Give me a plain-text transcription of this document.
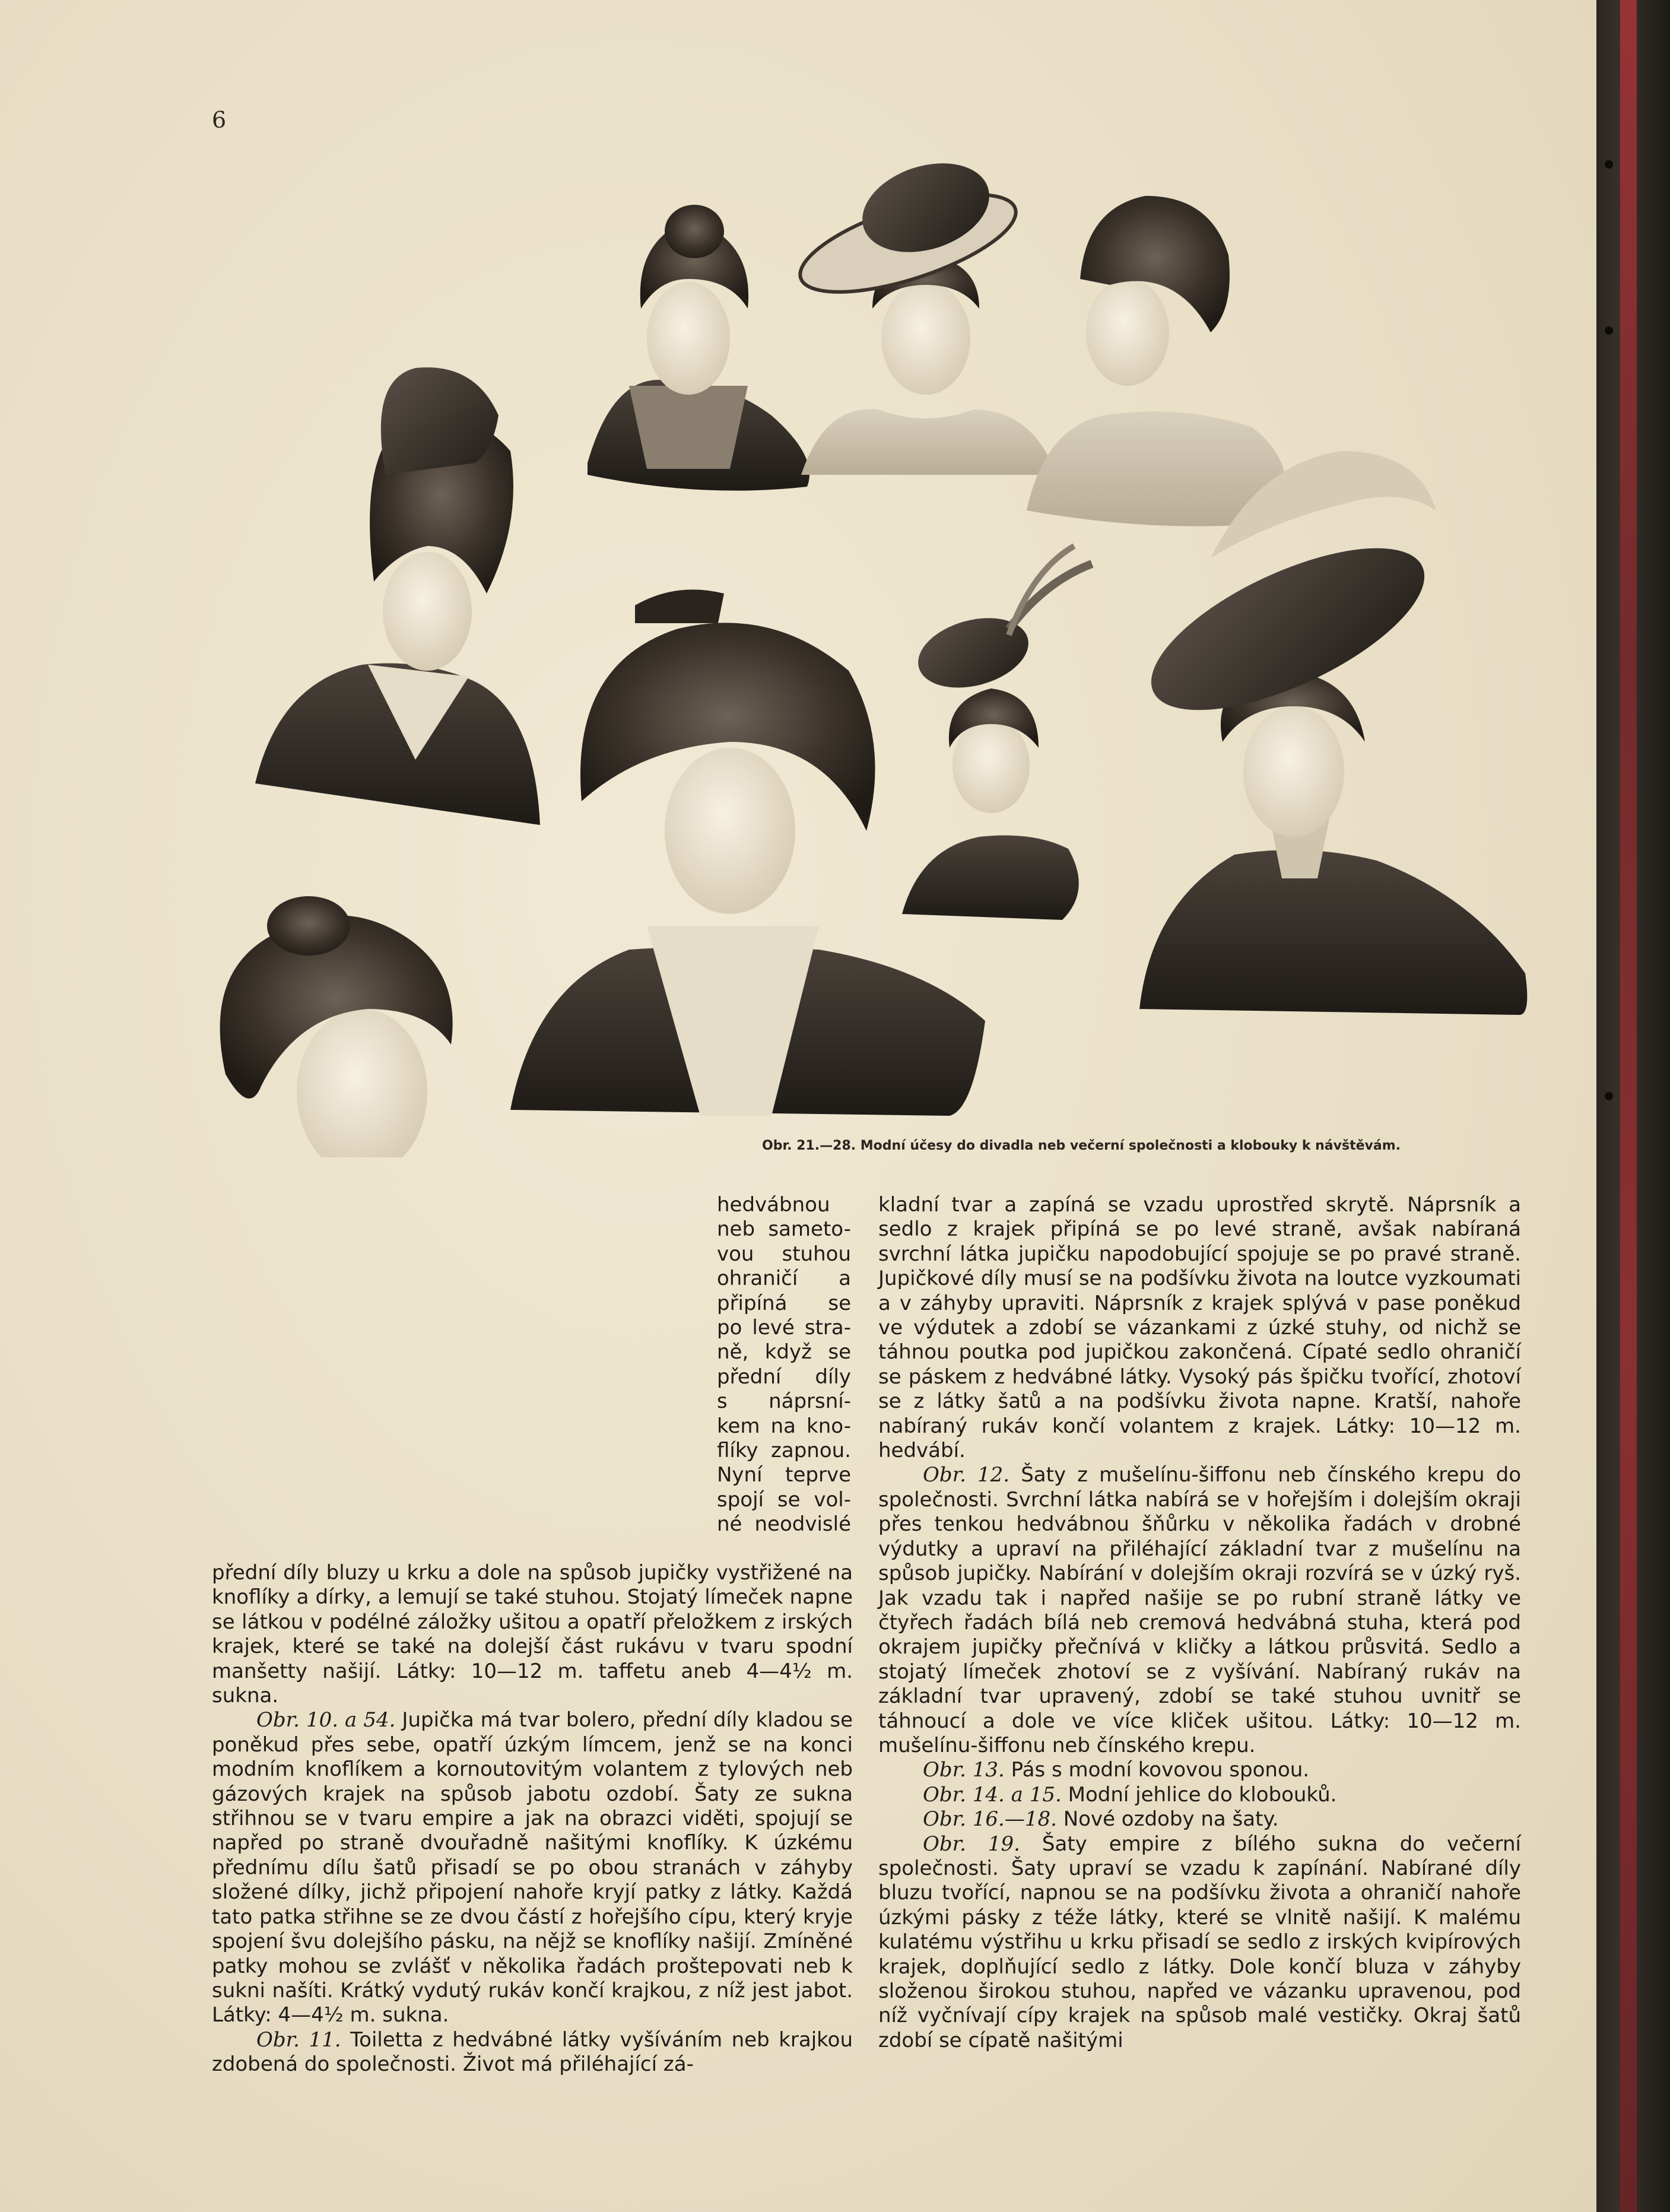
6
Obr. 21.—28. Modní účesy do divadla neb večerní společnosti a klobouky k návštěvám.
hedvábnou
neb sameto-
vou stuhou
ohraničí a
připíná se
po levé stra-
ně, když se
přední díly
s náprsní-
kem na kno-
flíky zapnou.
Nyní teprve
spojí se vol-
né neodvislé

přední díly bluzy u krku a dole na spůsob jupičky vystřižené na knoflíky a dírky, a lemují se také stuhou. Stojatý límeček napne se látkou v podélné záložky ušitou a opatří přeložkem z irských krajek, které se také na dolejší část rukávu v tvaru spodní manšetty našijí. Látky: 10—12 m. taffetu aneb 4—4½ m. sukna.

Obr. 10. a 54. Jupička má tvar bolero, přední díly kladou se poněkud přes sebe, opatří úzkým límcem, jenž se na konci modním knoflíkem a kornoutovitým volantem z tylových neb gázových krajek na spůsob jabotu ozdobí. Šaty ze sukna střihnou se v tvaru empire a jak na obrazci viděti, spojují se napřed po straně dvouřadně našitými knoflíky. K úzkému přednímu dílu šatů přisadí se po obou stranách v záhyby složené dílky, jichž připojení nahoře kryjí patky z látky. Každá tato patka střihne se ze dvou částí z hořejšího cípu, který kryje spojení švu dolejšího pásku, na nějž se knoflíky našijí. Zmíněné patky mohou se zvlášť v několika řadách proštepovati neb k sukni našíti. Krátký vydutý rukáv končí krajkou, z níž jest jabot. Látky: 4—4½ m. sukna.

Obr. 11. Toiletta z hedvábné látky vyšíváním neb krajkou zdobená do společnosti. Život má přiléhající zá-

kladní tvar a zapíná se vzadu uprostřed skrytě. Náprsník a sedlo z krajek připíná se po levé straně, avšak nabíraná svrchní látka jupičku napodobující spojuje se po pravé straně. Jupičkové díly musí se na podšívku života na loutce vyzkoumati a v záhyby upraviti. Náprsník z krajek splývá v pase poněkud ve výdutek a zdobí se vázankami z úzké stuhy, od nichž se táhnou poutka pod jupičkou zakončená. Cípaté sedlo ohraničí se páskem z hedvábné látky. Vysoký pás špičku tvořící, zhotoví se z látky šatů a na podšívku života napne. Kratší, nahoře nabíraný rukáv končí volantem z krajek. Látky: 10—12 m. hedvábí.

Obr. 12. Šaty z mušelínu-šiffonu neb čínského krepu do společnosti. Svrchní látka nabírá se v hořejším i dolejším okraji přes tenkou hedvábnou šňůrku v několika řadách v drobné výdutky a upraví na přiléhající základní tvar z mušelínu na spůsob jupičky. Nabírání v dolejším okraji rozvírá se v úzký ryš. Jak vzadu tak i napřed našije se po rubní straně látky ve čtyřech řadách bílá neb cremová hedvábná stuha, která pod okrajem jupičky přečnívá v kličky a látkou průsvitá. Sedlo a stojatý límeček zhotoví se z vyšívání. Nabíraný rukáv na základní tvar upravený, zdobí se také stuhou uvnitř se táhnoucí a dole ve více kliček ušitou. Látky: 10—12 m. mušelínu-šiffonu neb čínského krepu.

Obr. 13. Pás s modní kovovou sponou.

Obr. 14. a 15. Modní jehlice do klobouků.

Obr. 16.—18. Nové ozdoby na šaty.

Obr. 19. Šaty empire z bílého sukna do večerní společnosti. Šaty upraví se vzadu k zapínání. Nabírané díly bluzu tvořící, napnou se na podšívku života a ohraničí nahoře úzkými pásky z téže látky, které se vlnitě našijí. K malému kulatému výstřihu u krku přisadí se sedlo z irských kvipírových krajek, doplňující sedlo z látky. Dole končí bluza v záhyby složenou širokou stuhou, napřed ve vázanku upravenou, pod níž vyčnívají cípy krajek na spůsob malé vestičky. Okraj šatů zdobí se cípatě našitými
